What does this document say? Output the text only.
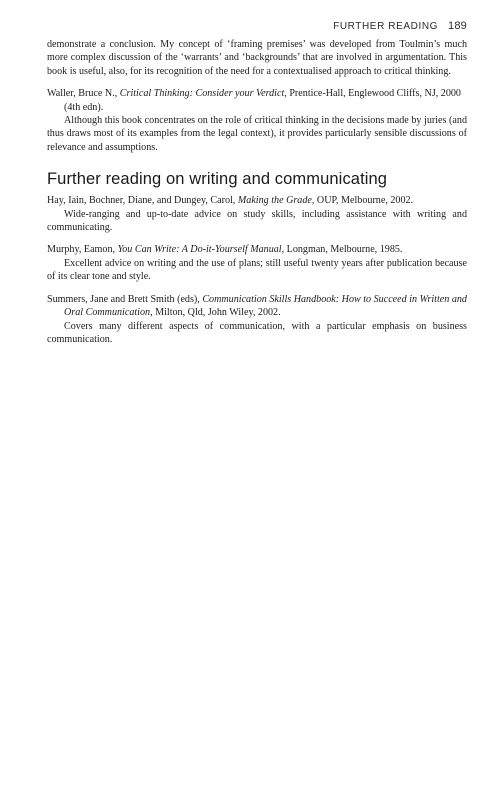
FURTHER READING 189

demonstrate a conclusion. My concept of ‘framing premises’ was developed from Toulmin’s much more complex discussion of the ‘warrants’ and ‘backgrounds’ that are involved in argumentation. This book is useful, also, for its recognition of the need for a contextualised approach to critical thinking.

Waller, Bruce N., Critical Thinking: Consider your Verdict, Prentice-Hall, Englewood Cliffs, NJ, 2000 (4th edn).

Although this book concentrates on the role of critical thinking in the decisions made by juries (and thus draws most of its examples from the legal context), it provides particularly sensible discussions of relevance and assumptions.

Further reading on writing and communicating

Hay, Iain, Bochner, Diane, and Dungey, Carol, Making the Grade, OUP, Melbourne, 2002.

Wide-ranging and up-to-date advice on study skills, including assistance with writing and communicating.

Murphy, Eamon, You Can Write: A Do-it-Yourself Manual, Longman, Melbourne, 1985.

Excellent advice on writing and the use of plans; still useful twenty years after publication because of its clear tone and style.

Summers, Jane and Brett Smith (eds), Communication Skills Handbook: How to Succeed in Written and Oral Communication, Milton, Qld, John Wiley, 2002.

Covers many different aspects of communication, with a particular emphasis on business communication.
